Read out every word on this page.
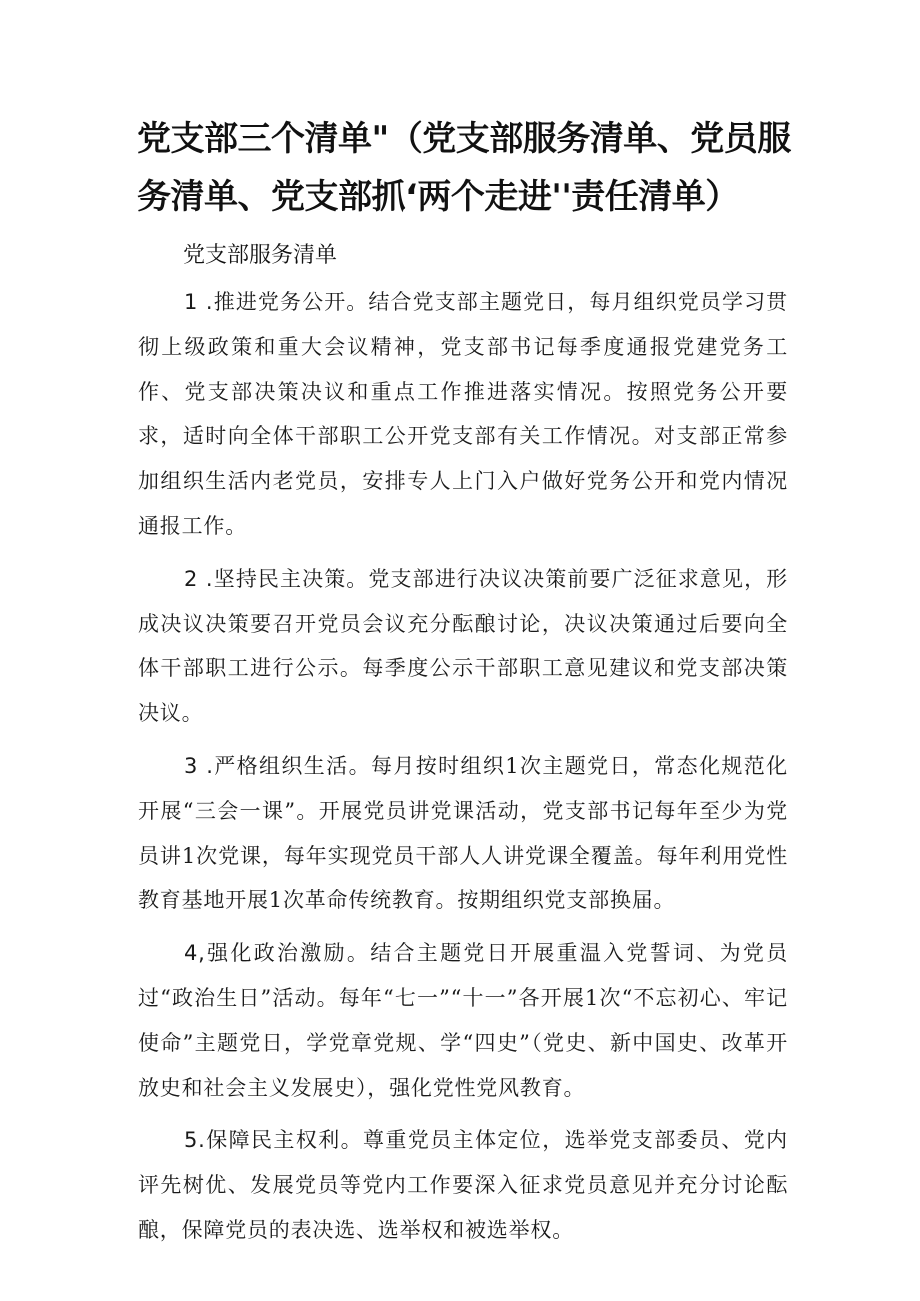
党支部三个清单"（党支部服务清单、党员服务清单、党支部抓‘两个走进''责任清单）
党支部服务清单

1 .推进党务公开。结合党支部主题党日，每月组织党员学习贯彻上级政策和重大会议精神，党支部书记每季度通报党建党务工作、党支部决策决议和重点工作推进落实情况。按照党务公开要求，适时向全体干部职工公开党支部有关工作情况。对支部正常参加组织生活内老党员，安排专人上门入户做好党务公开和党内情况通报工作。

2 .坚持民主决策。党支部进行决议决策前要广泛征求意见，形成决议决策要召开党员会议充分酝酿讨论，决议决策通过后要向全体干部职工进行公示。每季度公示干部职工意见建议和党支部决策决议。

3 .严格组织生活。每月按时组织1次主题党日，常态化规范化开展“三会一课”。开展党员讲党课活动，党支部书记每年至少为党员讲1次党课，每年实现党员干部人人讲党课全覆盖。每年利用党性教育基地开展1次革命传统教育。按期组织党支部换届。

4,强化政治激励。结合主题党日开展重温入党誓词、为党员过“政治生日”活动。每年“七一”“十一”各开展1次“不忘初心、牢记使命”主题党日，学党章党规、学“四史”（党史、新中国史、改革开放史和社会主义发展史），强化党性党风教育。

5.保障民主权利。尊重党员主体定位，选举党支部委员、党内评先树优、发展党员等党内工作要深入征求党员意见并充分讨论酝酿，保障党员的表决选、选举权和被选举权。
